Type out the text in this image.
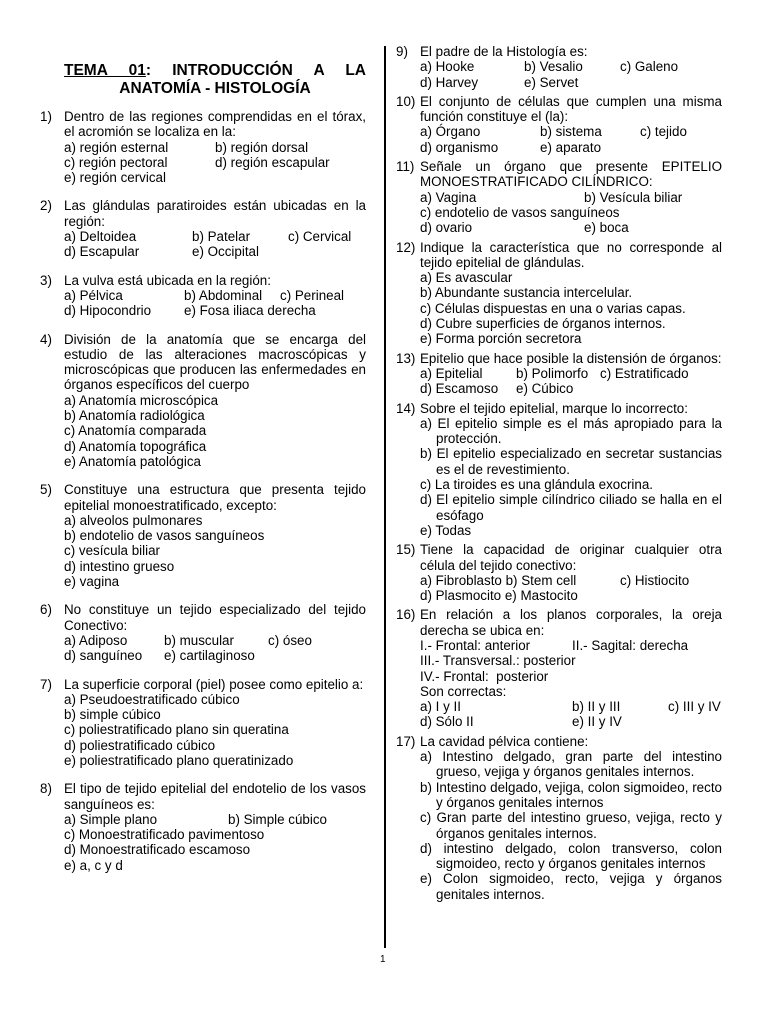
TEMA 01: INTRODUCCIÓN A LA
ANATOMÍA - HISTOLOGÍA
1) Dentro de las regiones comprendidas en el tórax, el acromión se localiza en la:
a) región esternal	b) región dorsal
c) región pectoral	d) región escapular
e) región cervical
2) Las glándulas paratiroides están ubicadas en la región:
a) Deltoidea	b) Patelar	c) Cervical
d) Escapular	e) Occipital
3) La vulva está ubicada en la región:
a) Pélvica	b) Abdominal	c) Perineal
d) Hipocondrio	e) Fosa iliaca derecha
4) División de la anatomía que se encarga del estudio de las alteraciones macroscópicas y microscópicas que producen las enfermedades en órganos específicos del cuerpo
a) Anatomía microscópica
b) Anatomía radiológica
c) Anatomía comparada
d) Anatomía topográfica
e) Anatomía patológica
5) Constituye una estructura que presenta tejido epitelial monoestratificado, excepto:
a) alveolos pulmonares
b) endotelio de vasos sanguíneos
c) vesícula biliar
d) intestino grueso
e) vagina
6) No constituye un tejido especializado del tejido Conectivo:
a) Adiposo	b) muscular	c) óseo
d) sanguíneo	e) cartilaginoso
7) La superficie corporal (piel) posee como epitelio a:
a) Pseudoestratificado cúbico
b) simple cúbico
c) poliestratificado plano sin queratina
d) poliestratificado cúbico
e) poliestratificado plano queratinizado
8) El tipo de tejido epitelial del endotelio de los vasos sanguíneos es:
a) Simple plano	b) Simple cúbico
c) Monoestratificado pavimentoso
d) Monoestratificado escamoso
e) a, c y d
9) El padre de la Histología es:
a) Hooke	b) Vesalio	c) Galeno
d) Harvey	e) Servet
10) El conjunto de células que cumplen una misma función constituye el (la):
a) Órgano	b) sistema	c) tejido
d) organismo	e) aparato
11) Señale un órgano que presente EPITELIO MONOESTRATIFICADO CILÍNDRICO:
a) Vagina	b) Vesícula biliar
c) endotelio de vasos sanguíneos
d) ovario	e) boca
12) Indique la característica que no corresponde al tejido epitelial de glándulas.
a) Es avascular
b) Abundante sustancia intercelular.
c) Células dispuestas en una o varias capas.
d) Cubre superficies de órganos internos.
e) Forma porción secretora
13) Epitelio que hace posible la distensión de órganos:
a) Epitelial	b) Polimorfo c) Estratificado
d) Escamoso	e) Cúbico
14) Sobre el tejido epitelial, marque lo incorrecto:
a) El epitelio simple es el más apropiado para la protección.
b) El epitelio especializado en secretar sustancias es el de revestimiento.
c) La tiroides es una glándula exocrina.
d) El epitelio simple cilíndrico ciliado se halla en el esófago
e) Todas
15) Tiene la capacidad de originar cualquier otra célula del tejido conectivo:
a) Fibroblasto b) Stem cell	c) Histiocito
d) Plasmocito e) Mastocito
16) En relación a los planos corporales, la oreja derecha se ubica en:
I.- Frontal: anterior	II.- Sagital: derecha
III.- Transversal.: posterior
IV.- Frontal:  posterior
Son correctas:
a) I y II	b) II y III	c) III y IV
d) Sólo II	e) II y IV
17) La cavidad pélvica contiene:
a) Intestino delgado, gran parte del intestino grueso, vejiga y órganos genitales internos.
b) Intestino delgado, vejiga, colon sigmoideo, recto y órganos genitales internos
c) Gran parte del intestino grueso, vejiga, recto y órganos genitales internos.
d) intestino delgado, colon transverso, colon sigmoideo, recto y órganos genitales internos
e) Colon sigmoideo, recto, vejiga y órganos genitales internos.
1
